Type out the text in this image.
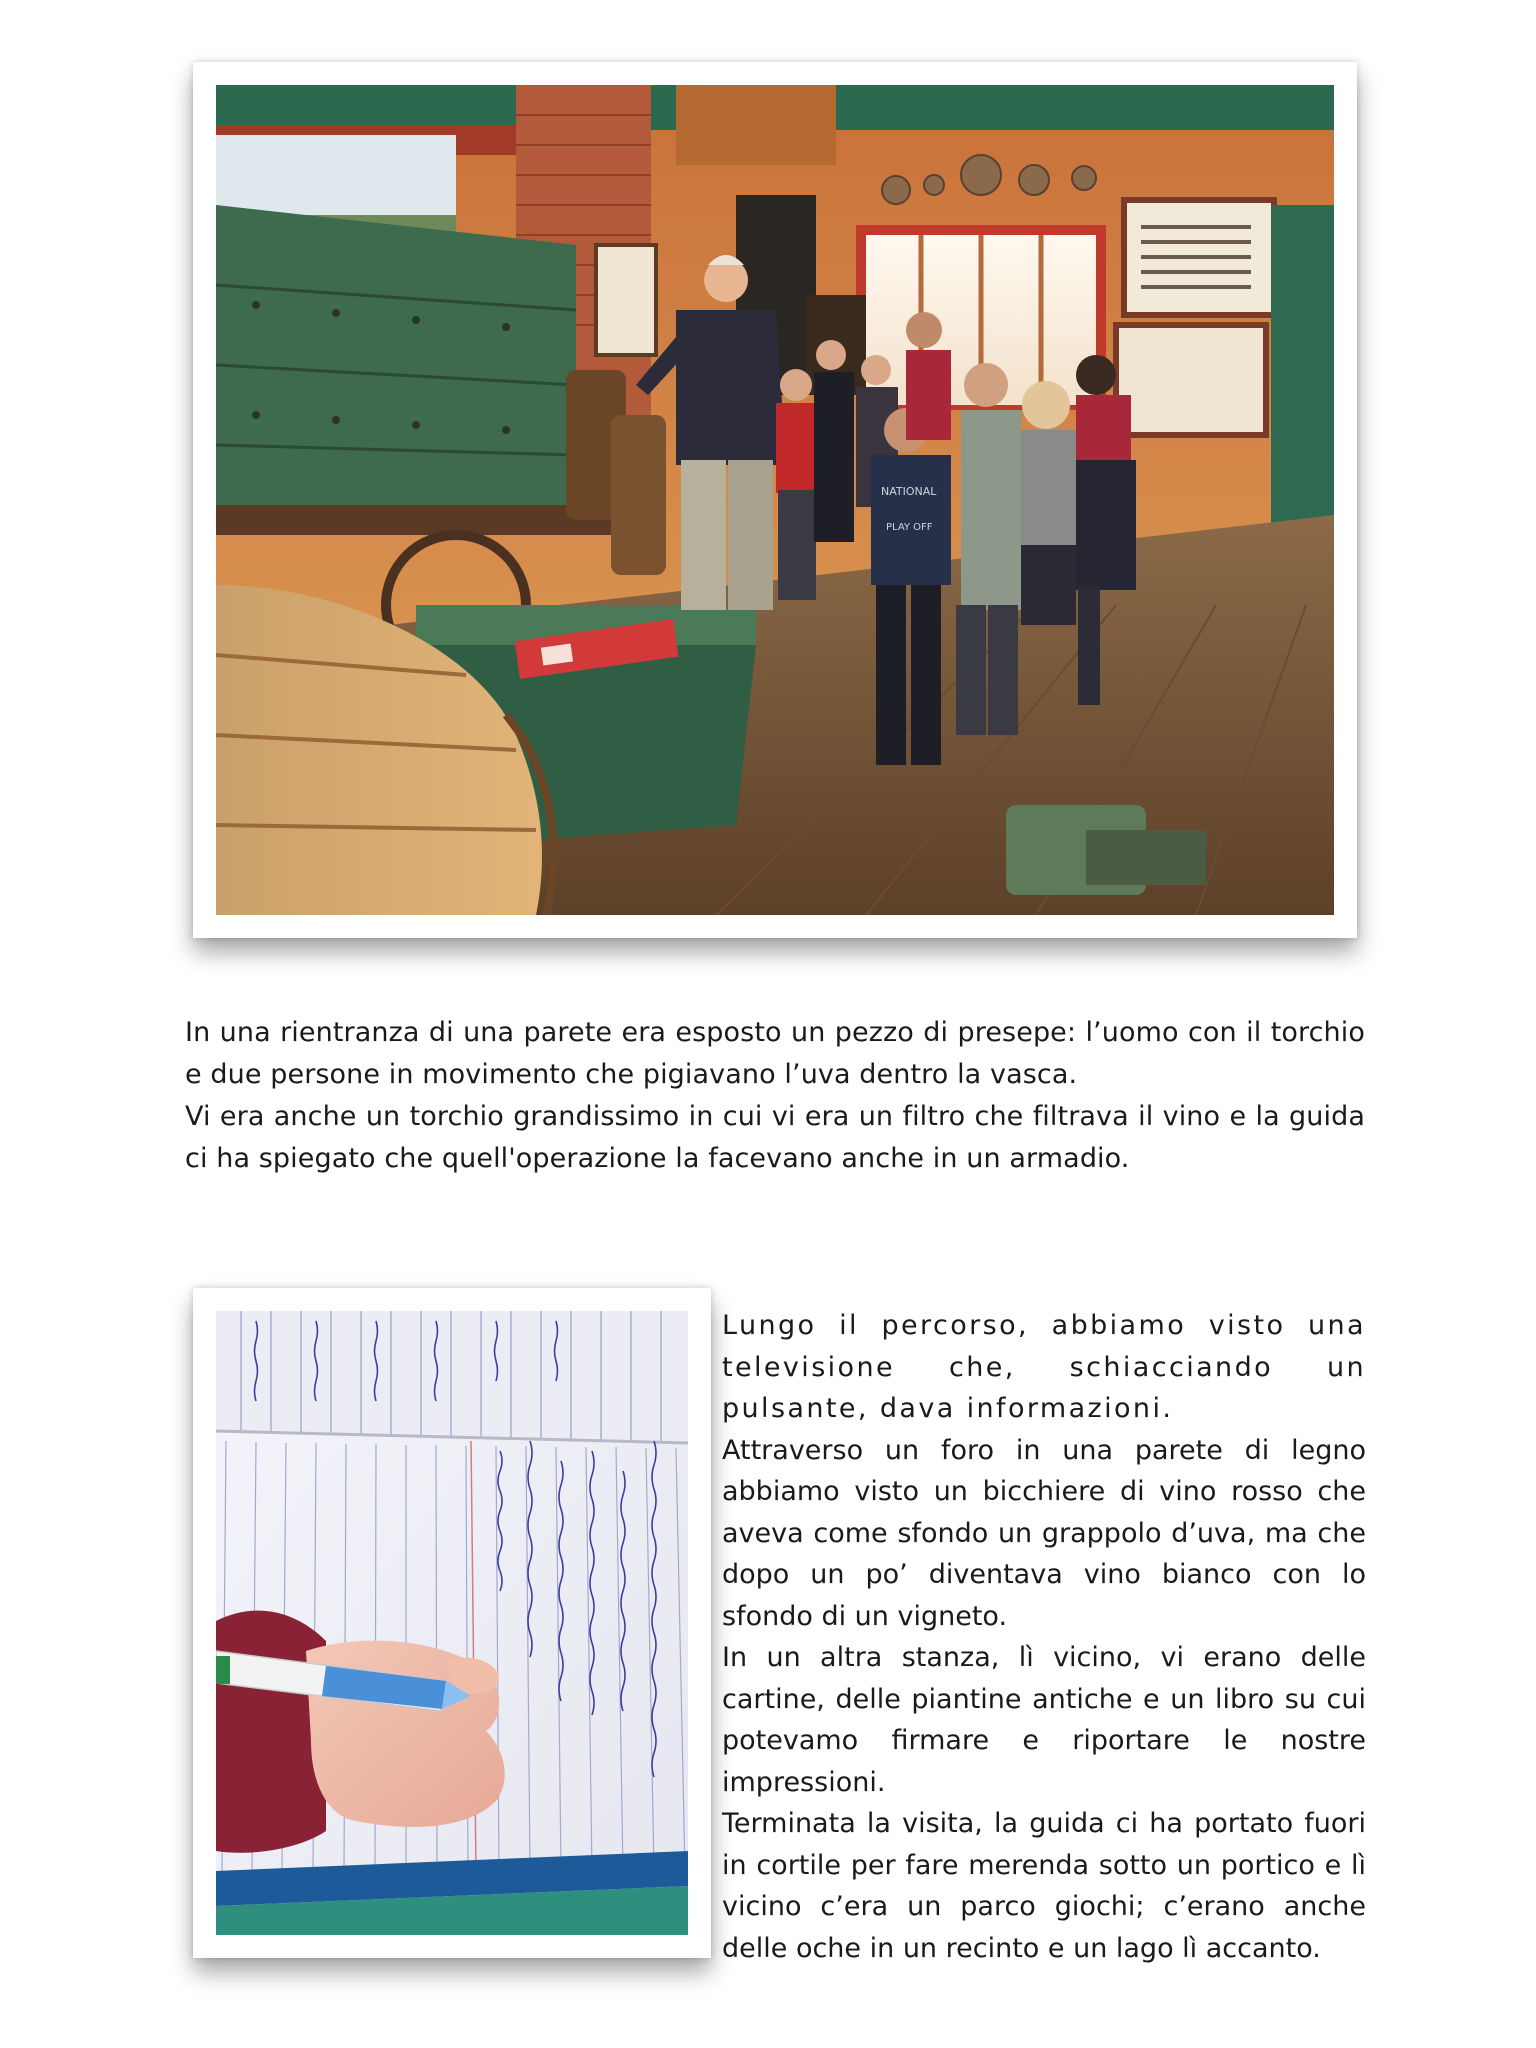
NATIONAL
PLAY OFF

In una rientranza di una parete era esposto un pezzo di presepe: l’uomo con il torchio e due persone in movimento che pigiavano l’uva dentro la vasca.

Vi era anche un torchio grandissimo in cui vi era un filtro che filtrava il vino e la guida ci ha spiegato che quell'operazione la facevano anche in un armadio.

Lungo il percorso, abbiamo visto una televisione che, schiacciando un pulsante, dava informazioni.

Attraverso un foro in una parete di legno abbiamo visto un bicchiere di vino rosso che aveva come sfondo un grappolo d’uva, ma che dopo un po’ diventava vino bianco con lo sfondo di un vigneto.

In un altra stanza, lì vicino, vi erano delle cartine, delle piantine antiche e un libro su cui potevamo firmare e riportare le nostre impressioni.

Terminata la visita, la guida ci ha portato fuori in cortile per fare merenda sotto un portico e lì vicino c’era un parco giochi; c’erano anche delle oche in un recinto e un lago lì accanto.
